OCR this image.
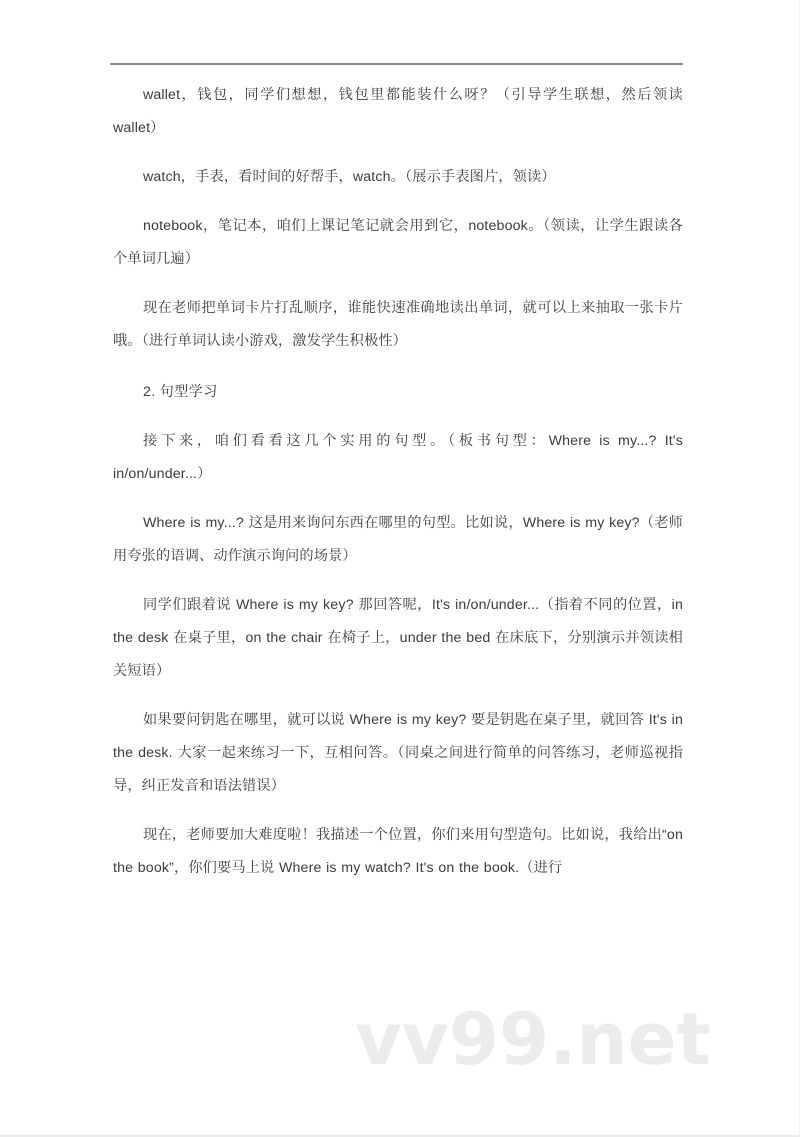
vv99.net

wallet，钱包，同学们想想，钱包里都能装什么呀？（引导学生联想，然后领读 wallet）

watch，手表，看时间的好帮手，watch。（展示手表图片，领读）

notebook，笔记本，咱们上课记笔记就会用到它，notebook。（领读，让学生跟读各个单词几遍）

现在老师把单词卡片打乱顺序，谁能快速准确地读出单词，就可以上来抽取一张卡片哦。（进行单词认读小游戏，激发学生积极性）

2. 句型学习

接下来，咱们看看这几个实用的句型。（板书句型：Where is my...? It's in/on/under...）

Where is my...? 这是用来询问东西在哪里的句型。比如说，Where is my key?（老师用夸张的语调、动作演示询问的场景）

同学们跟着说 Where is my key? 那回答呢，It's in/on/under...（指着不同的位置，in the desk 在桌子里，on the chair 在椅子上，under the bed 在床底下，分别演示并领读相关短语）

如果要问钥匙在哪里，就可以说 Where is my key? 要是钥匙在桌子里，就回答 It's in the desk. 大家一起来练习一下，互相问答。（同桌之间进行简单的问答练习，老师巡视指导，纠正发音和语法错误）

现在，老师要加大难度啦！我描述一个位置，你们来用句型造句。比如说，我给出“on the book”，你们要马上说 Where is my watch? It's on the book.（进行
